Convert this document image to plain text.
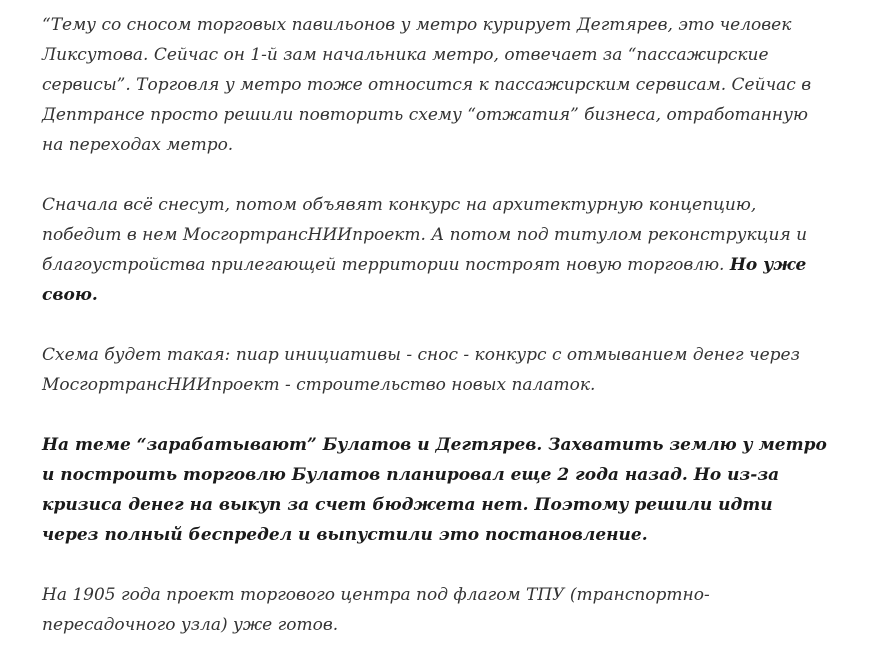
“Тему со сносом торговых павильонов у метро курирует Дегтярев, это человек Ликсутова. Сейчас он 1-й зам начальника метро, отвечает за “пассажирские сервисы”. Торговля у метро тоже относится к пассажирским сервисам. Сейчас в Дептрансе просто решили повторить схему “отжатия” бизнеса, отработанную на переходах метро.

Сначала всё снесут, потом объявят конкурс на архитектурную концепцию, победит в нем МосгортрансНИИпроект. А потом под титулом реконструкция и благоустройства прилегающей территории построят новую торговлю. Но уже свою.

Схема будет такая: пиар инициативы - снос - конкурс с отмыванием денег через МосгортрансНИИпроект - строительство новых палаток.

На теме “зарабатывают” Булатов и Дегтярев. Захватить землю у метро и построить торговлю Булатов планировал еще 2 года назад. Но из-за кризиса денег на выкуп за счет бюджета нет. Поэтому решили идти через полный беспредел и выпустили это постановление.

На 1905 года проект торгового центра под флагом ТПУ (транспортно-пересадочного узла) уже готов.
